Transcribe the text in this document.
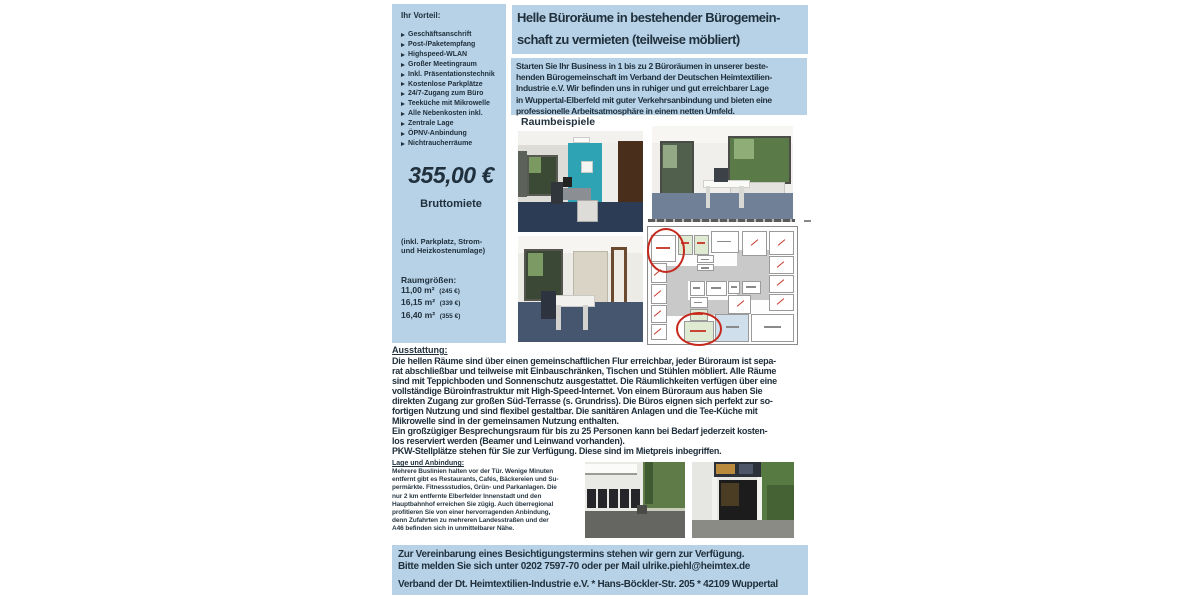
Ihr Vorteil:
Geschäftsanschrift
Post-/Paketempfang
Highspeed-WLAN
Großer Meetingraum
Inkl. Präsentationstechnik
Kostenlose Parkplätze
24/7-Zugang zum Büro
Teeküche mit Mikrowelle
Alle Nebenkosten inkl.
Zentrale Lage
ÖPNV-Anbindung
Nichtraucherräume
355,00 €
Bruttomiete
(inkl. Parkplatz, Strom-
und Heizkostenumlage)
Raumgrößen:
11,00 m² (245 €)
16,15 m² (339 €)
16,40 m² (355 €)
Helle Büroräume in bestehender Bürogemein-
schaft zu vermieten (teilweise möbliert)
Starten Sie Ihr Business in 1 bis zu 2 Büroräumen in unserer beste-
henden Bürogemeinschaft im Verband der Deutschen Heimtextilien-
Industrie e.V. Wir befinden uns in ruhiger und gut erreichbarer Lage
in Wuppertal-Elberfeld mit guter Verkehrsanbindung und bieten eine
professionelle Arbeitsatmosphäre in einem netten Umfeld.
Raumbeispiele
Ausstattung:
Die hellen Räume sind über einen gemeinschaftlichen Flur erreichbar, jeder Büroraum ist sepa-
rat abschließbar und teilweise mit Einbauschränken, Tischen und Stühlen möbliert. Alle Räume
sind mit Teppichboden und Sonnenschutz ausgestattet. Die Räumlichkeiten verfügen über eine
vollständige Büroinfrastruktur mit High-Speed-Internet. Von einem Büroraum aus haben Sie
direkten Zugang zur großen Süd-Terrasse (s. Grundriss). Die Büros eignen sich perfekt zur so-
fortigen Nutzung und sind flexibel gestaltbar. Die sanitären Anlagen und die Tee-Küche mit
Mikrowelle sind in der gemeinsamen Nutzung enthalten.
Ein großzügiger Besprechungsraum für bis zu 25 Personen kann bei Bedarf jederzeit kosten-
los reserviert werden (Beamer und Leinwand vorhanden).
PKW-Stellplätze stehen für Sie zur Verfügung. Diese sind im Mietpreis inbegriffen.
Lage und Anbindung:
Mehrere Buslinien halten vor der Tür. Wenige Minuten
entfernt gibt es Restaurants, Cafés, Bäckereien und Su-
permärkte. Fitnessstudios, Grün- und Parkanlagen. Die
nur 2 km entfernte Elberfelder Innenstadt und den
Hauptbahnhof erreichen Sie zügig. Auch überregional
profitieren Sie von einer hervorragenden Anbindung,
denn Zufahrten zu mehreren Landesstraßen und der
A46 befinden sich in unmittelbarer Nähe.
Zur Vereinbarung eines Besichtigungstermins stehen wir gern zur Verfügung.
Bitte melden Sie sich unter 0202 7597-70 oder per Mail ulrike.piehl@heimtex.de
Verband der Dt. Heimtextilien-Industrie e.V. * Hans-Böckler-Str. 205 * 42109 Wuppertal
